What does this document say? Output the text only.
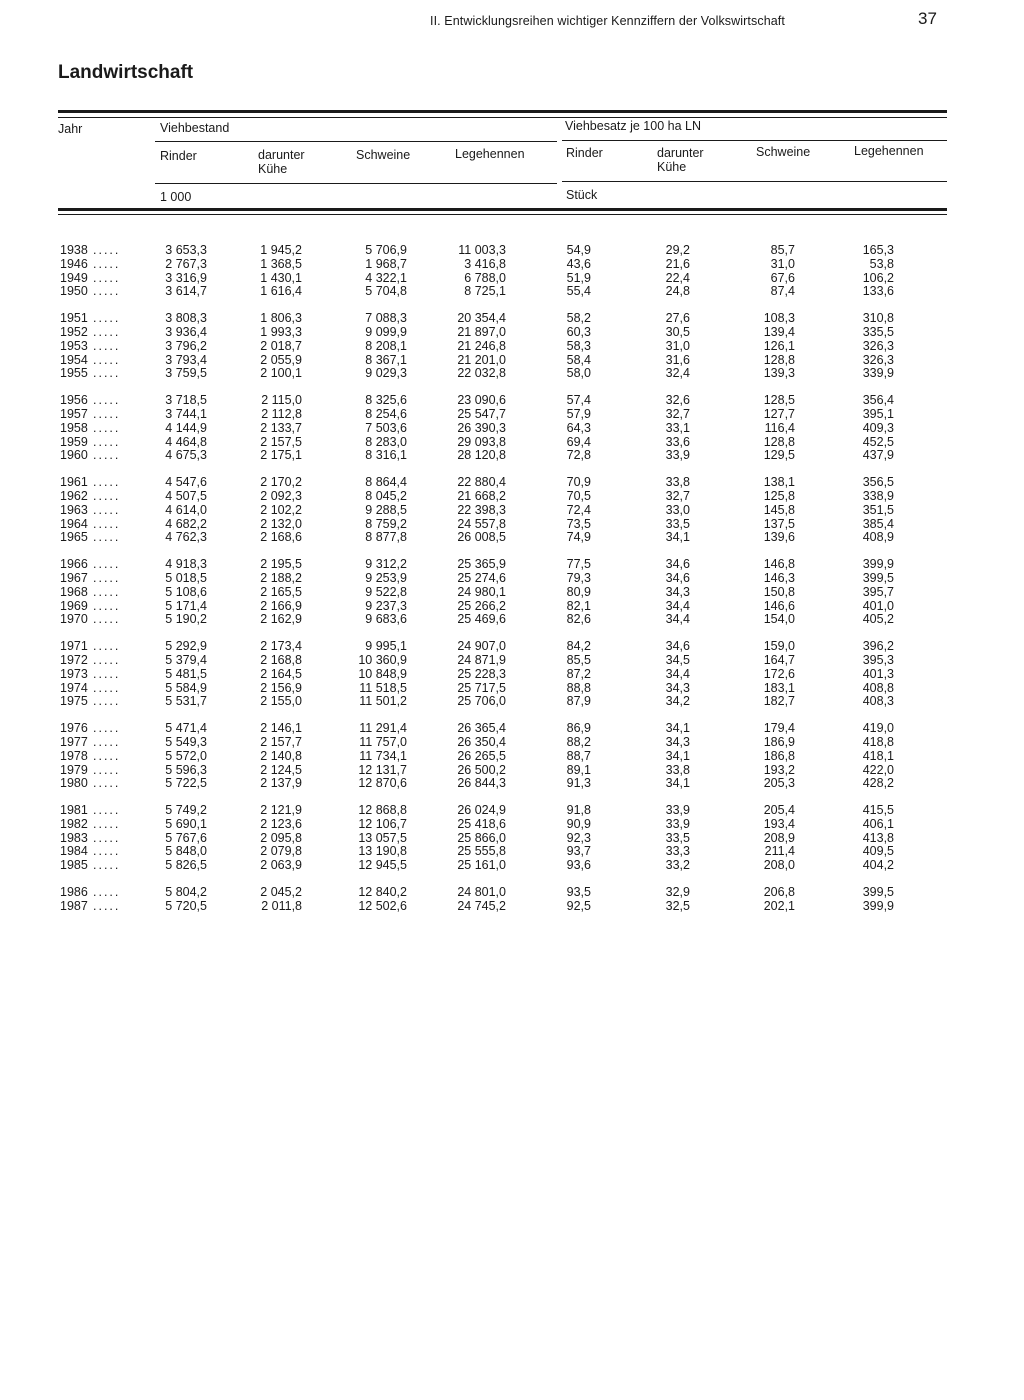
II. Entwicklungsreihen wichtiger Kennziffern der Volkswirtschaft	37
Landwirtschaft
Jahr	Viehbestand	Viehbesatz je 100 ha LN
Rinder	darunter
Kühe
Schweine	Legehennen	Rinder	darunter
Kühe
Schweine	Legehennen
1 000	Stück
1938 .....	3 653,3	1 945,2	5 706,9	11 003,3	54,9	29,2	85,7	165,3
1946 .....	2 767,3	1 368,5	1 968,7	3 416,8	43,6	21,6	31,0	53,8
1949 .....	3 316,9	1 430,1	4 322,1	6 788,0	51,9	22,4	67,6	106,2
1950 .....	3 614,7	1 616,4	5 704,8	8 725,1	55,4	24,8	87,4	133,6
1951 .....	3 808,3	1 806,3	7 088,3	20 354,4	58,2	27,6	108,3	310,8
1952 .....	3 936,4	1 993,3	9 099,9	21 897,0	60,3	30,5	139,4	335,5
1953 .....	3 796,2	2 018,7	8 208,1	21 246,8	58,3	31,0	126,1	326,3
1954 .....	3 793,4	2 055,9	8 367,1	21 201,0	58,4	31,6	128,8	326,3
1955 .....	3 759,5	2 100,1	9 029,3	22 032,8	58,0	32,4	139,3	339,9
1956 .....	3 718,5	2 115,0	8 325,6	23 090,6	57,4	32,6	128,5	356,4
1957 .....	3 744,1	2 112,8	8 254,6	25 547,7	57,9	32,7	127,7	395,1
1958 .....	4 144,9	2 133,7	7 503,6	26 390,3	64,3	33,1	116,4	409,3
1959 .....	4 464,8	2 157,5	8 283,0	29 093,8	69,4	33,6	128,8	452,5
1960 .....	4 675,3	2 175,1	8 316,1	28 120,8	72,8	33,9	129,5	437,9
1961 .....	4 547,6	2 170,2	8 864,4	22 880,4	70,9	33,8	138,1	356,5
1962 .....	4 507,5	2 092,3	8 045,2	21 668,2	70,5	32,7	125,8	338,9
1963 .....	4 614,0	2 102,2	9 288,5	22 398,3	72,4	33,0	145,8	351,5
1964 .....	4 682,2	2 132,0	8 759,2	24 557,8	73,5	33,5	137,5	385,4
1965 .....	4 762,3	2 168,6	8 877,8	26 008,5	74,9	34,1	139,6	408,9
1966 .....	4 918,3	2 195,5	9 312,2	25 365,9	77,5	34,6	146,8	399,9
1967 .....	5 018,5	2 188,2	9 253,9	25 274,6	79,3	34,6	146,3	399,5
1968 .....	5 108,6	2 165,5	9 522,8	24 980,1	80,9	34,3	150,8	395,7
1969 .....	5 171,4	2 166,9	9 237,3	25 266,2	82,1	34,4	146,6	401,0
1970 .....	5 190,2	2 162,9	9 683,6	25 469,6	82,6	34,4	154,0	405,2
1971 .....	5 292,9	2 173,4	9 995,1	24 907,0	84,2	34,6	159,0	396,2
1972 .....	5 379,4	2 168,8	10 360,9	24 871,9	85,5	34,5	164,7	395,3
1973 .....	5 481,5	2 164,5	10 848,9	25 228,3	87,2	34,4	172,6	401,3
1974 .....	5 584,9	2 156,9	11 518,5	25 717,5	88,8	34,3	183,1	408,8
1975 .....	5 531,7	2 155,0	11 501,2	25 706,0	87,9	34,2	182,7	408,3
1976 .....	5 471,4	2 146,1	11 291,4	26 365,4	86,9	34,1	179,4	419,0
1977 .....	5 549,3	2 157,7	11 757,0	26 350,4	88,2	34,3	186,9	418,8
1978 .....	5 572,0	2 140,8	11 734,1	26 265,5	88,7	34,1	186,8	418,1
1979 .....	5 596,3	2 124,5	12 131,7	26 500,2	89,1	33,8	193,2	422,0
1980 .....	5 722,5	2 137,9	12 870,6	26 844,3	91,3	34,1	205,3	428,2
1981 .....	5 749,2	2 121,9	12 868,8	26 024,9	91,8	33,9	205,4	415,5
1982 .....	5 690,1	2 123,6	12 106,7	25 418,6	90,9	33,9	193,4	406,1
1983 .....	5 767,6	2 095,8	13 057,5	25 866,0	92,3	33,5	208,9	413,8
1984 .....	5 848,0	2 079,8	13 190,8	25 555,8	93,7	33,3	211,4	409,5
1985 .....	5 826,5	2 063,9	12 945,5	25 161,0	93,6	33,2	208,0	404,2
1986 .....	5 804,2	2 045,2	12 840,2	24 801,0	93,5	32,9	206,8	399,5
1987 .....	5 720,5	2 011,8	12 502,6	24 745,2	92,5	32,5	202,1	399,9
